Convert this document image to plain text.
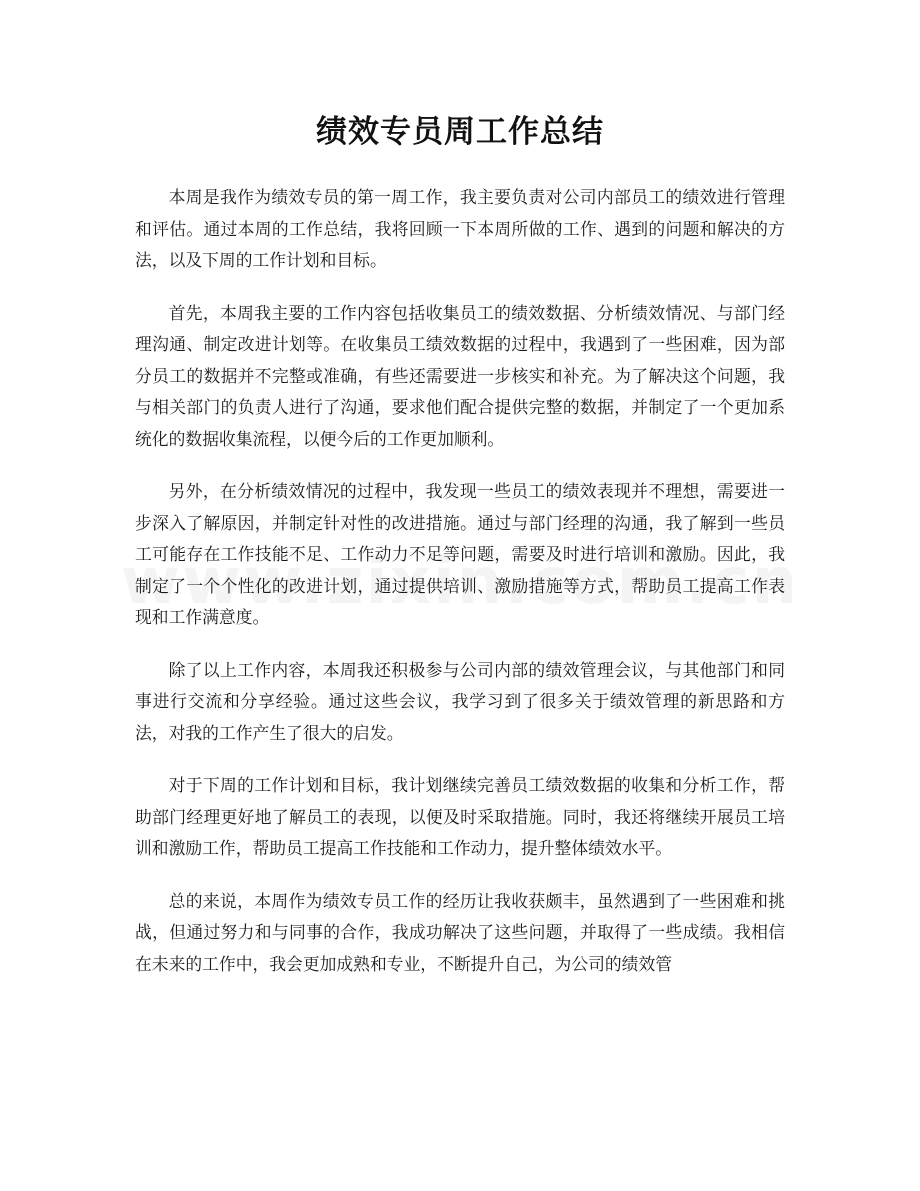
绩效专员周工作总结

本周是我作为绩效专员的第一周工作，我主要负责对公司内部员工的绩效进行管理和评估。通过本周的工作总结，我将回顾一下本周所做的工作、遇到的问题和解决的方法，以及下周的工作计划和目标。

首先，本周我主要的工作内容包括收集员工的绩效数据、分析绩效情况、与部门经理沟通、制定改进计划等。在收集员工绩效数据的过程中，我遇到了一些困难，因为部分员工的数据并不完整或准确，有些还需要进一步核实和补充。为了解决这个问题，我与相关部门的负责人进行了沟通，要求他们配合提供完整的数据，并制定了一个更加系统化的数据收集流程，以便今后的工作更加顺利。

另外，在分析绩效情况的过程中，我发现一些员工的绩效表现并不理想，需要进一步深入了解原因，并制定针对性的改进措施。通过与部门经理的沟通，我了解到一些员工可能存在工作技能不足、工作动力不足等问题，需要及时进行培训和激励。因此，我制定了一个个性化的改进计划，通过提供培训、激励措施等方式，帮助员工提高工作表现和工作满意度。

除了以上工作内容，本周我还积极参与公司内部的绩效管理会议，与其他部门和同事进行交流和分享经验。通过这些会议，我学习到了很多关于绩效管理的新思路和方法，对我的工作产生了很大的启发。

对于下周的工作计划和目标，我计划继续完善员工绩效数据的收集和分析工作，帮助部门经理更好地了解员工的表现，以便及时采取措施。同时，我还将继续开展员工培训和激励工作，帮助员工提高工作技能和工作动力，提升整体绩效水平。

总的来说，本周作为绩效专员工作的经历让我收获颇丰，虽然遇到了一些困难和挑战，但通过努力和与同事的合作，我成功解决了这些问题，并取得了一些成绩。我相信在未来的工作中，我会更加成熟和专业，不断提升自己，为公司的绩效管
